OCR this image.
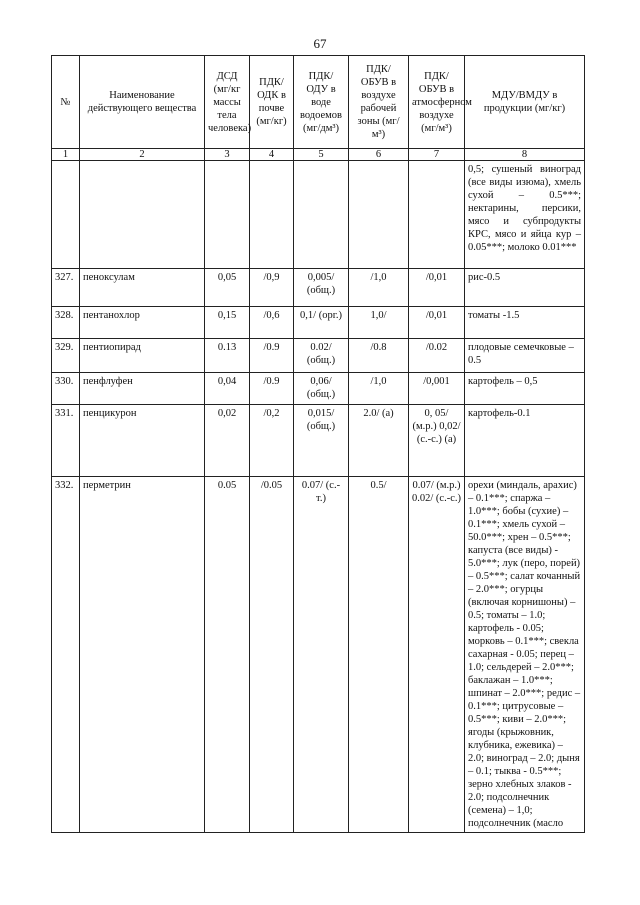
67
№	Наименование действующего вещества	ДСД (мг/кг массы тела человека)	ПДК/ ОДК в почве (мг/кг)	ПДК/ ОДУ в воде водоемов (мг/дм³)	ПДК/ ОБУВ в воздухе рабочей зоны (мг/м³)	ПДК/ ОБУВ в атмосферном воздухе (мг/м³)	МДУ/ВМДУ в продукции (мг/кг)
1	2	3	4	5	6	7	8
							0,5; сушеный виноград (все виды изюма), хмель сухой – 0.5***; нектарины, персики, мясо и субпродукты КРС, мясо и яйца кур – 0.05***; молоко 0.01***
327.	пеноксулам	0,05	/0,9	0,005/ (общ.)	/1,0	/0,01	рис-0.5
328.	пентанохлор	0,15	/0,6	0,1/ (орг.)	1,0/	/0,01	томаты -1.5
329.	пентиопирад	0.13	/0.9	0.02/ (общ.)	/0.8	/0.02	плодовые семечковые – 0.5
330.	пенфлуфен	0,04	/0.9	0,06/ (общ.)	/1,0	/0,001	картофель – 0,5
331.	пенцикурон	0,02	/0,2	0,015/ (общ.)	2.0/ (а)	0, 05/ (м.р.) 0,02/ (с.-с.) (а)	картофель-0.1
332.	перметрин	0.05	/0.05	0.07/ (с.-т.)	0.5/	0.07/ (м.р.) 0.02/ (с.-с.)	орехи (миндаль, арахис) – 0.1***; спаржа – 1.0***; бобы (сухие) – 0.1***; хмель сухой – 50.0***; хрен – 0.5***; капуста (все виды) - 5.0***; лук (перо, порей) – 0.5***; салат кочанный – 2.0***; огурцы (включая корнишоны) – 0.5; томаты – 1.0; картофель - 0.05; морковь – 0.1***; свекла сахарная - 0.05; перец – 1.0; сельдерей – 2.0***; баклажан – 1.0***; шпинат – 2.0***; редис – 0.1***; цитрусовые – 0.5***; киви – 2.0***; ягоды (крыжовник, клубника, ежевика) – 2.0; виноград – 2.0; дыня – 0.1; тыква - 0.5***; зерно хлебных злаков - 2.0; подсолнечник (семена) – 1,0; подсолнечник (масло
